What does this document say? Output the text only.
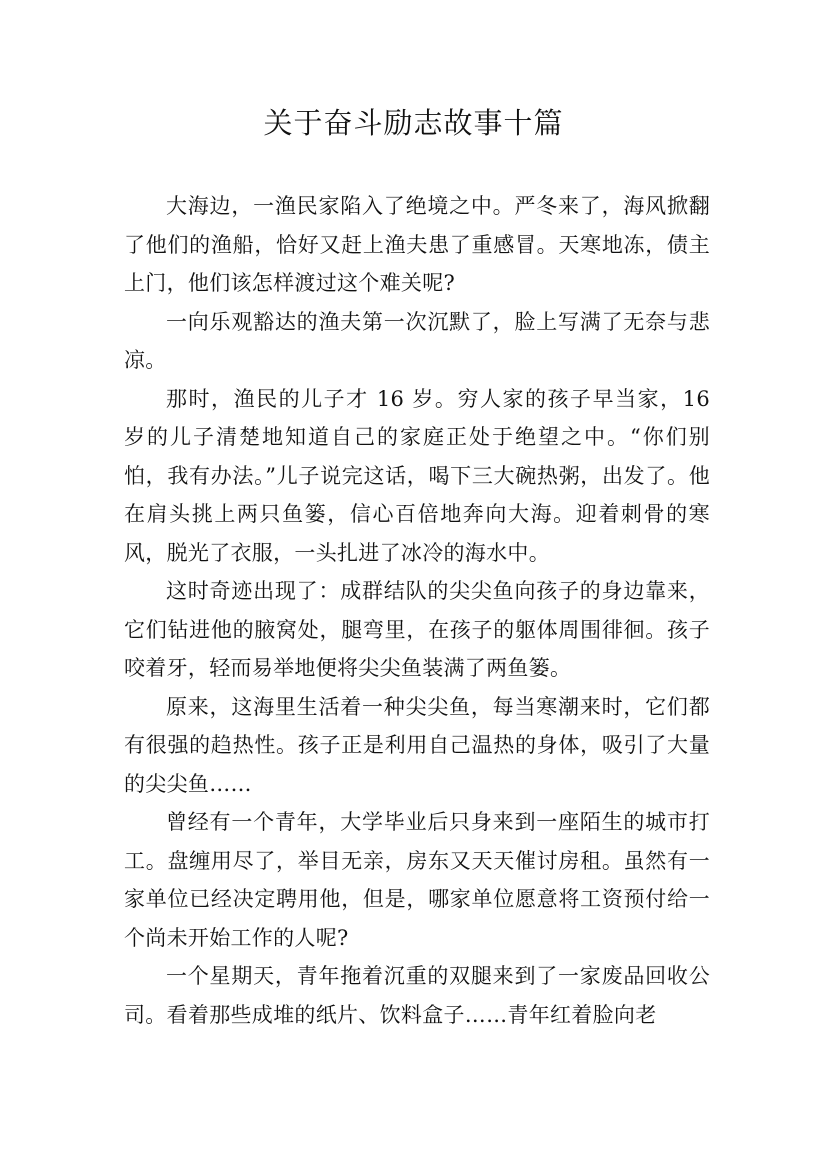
关于奋斗励志故事十篇

大海边，一渔民家陷入了绝境之中。严冬来了，海风掀翻了他们的渔船，恰好又赶上渔夫患了重感冒。天寒地冻，债主上门，他们该怎样渡过这个难关呢?

一向乐观豁达的渔夫第一次沉默了，脸上写满了无奈与悲凉。

那时，渔民的儿子才 16 岁。穷人家的孩子早当家，16 岁的儿子清楚地知道自己的家庭正处于绝望之中。“你们别怕，我有办法。”儿子说完这话，喝下三大碗热粥，出发了。他在肩头挑上两只鱼篓，信心百倍地奔向大海。迎着刺骨的寒风，脱光了衣服，一头扎进了冰冷的海水中。

这时奇迹出现了：成群结队的尖尖鱼向孩子的身边靠来，它们钻进他的腋窝处，腿弯里，在孩子的躯体周围徘徊。孩子咬着牙，轻而易举地便将尖尖鱼装满了两鱼篓。

原来，这海里生活着一种尖尖鱼，每当寒潮来时，它们都有很强的趋热性。孩子正是利用自己温热的身体，吸引了大量的尖尖鱼……

曾经有一个青年，大学毕业后只身来到一座陌生的城市打工。盘缠用尽了，举目无亲，房东又天天催讨房租。虽然有一家单位已经决定聘用他，但是，哪家单位愿意将工资预付给一个尚未开始工作的人呢?

一个星期天，青年拖着沉重的双腿来到了一家废品回收公司。看着那些成堆的纸片、饮料盒子……青年红着脸向老
